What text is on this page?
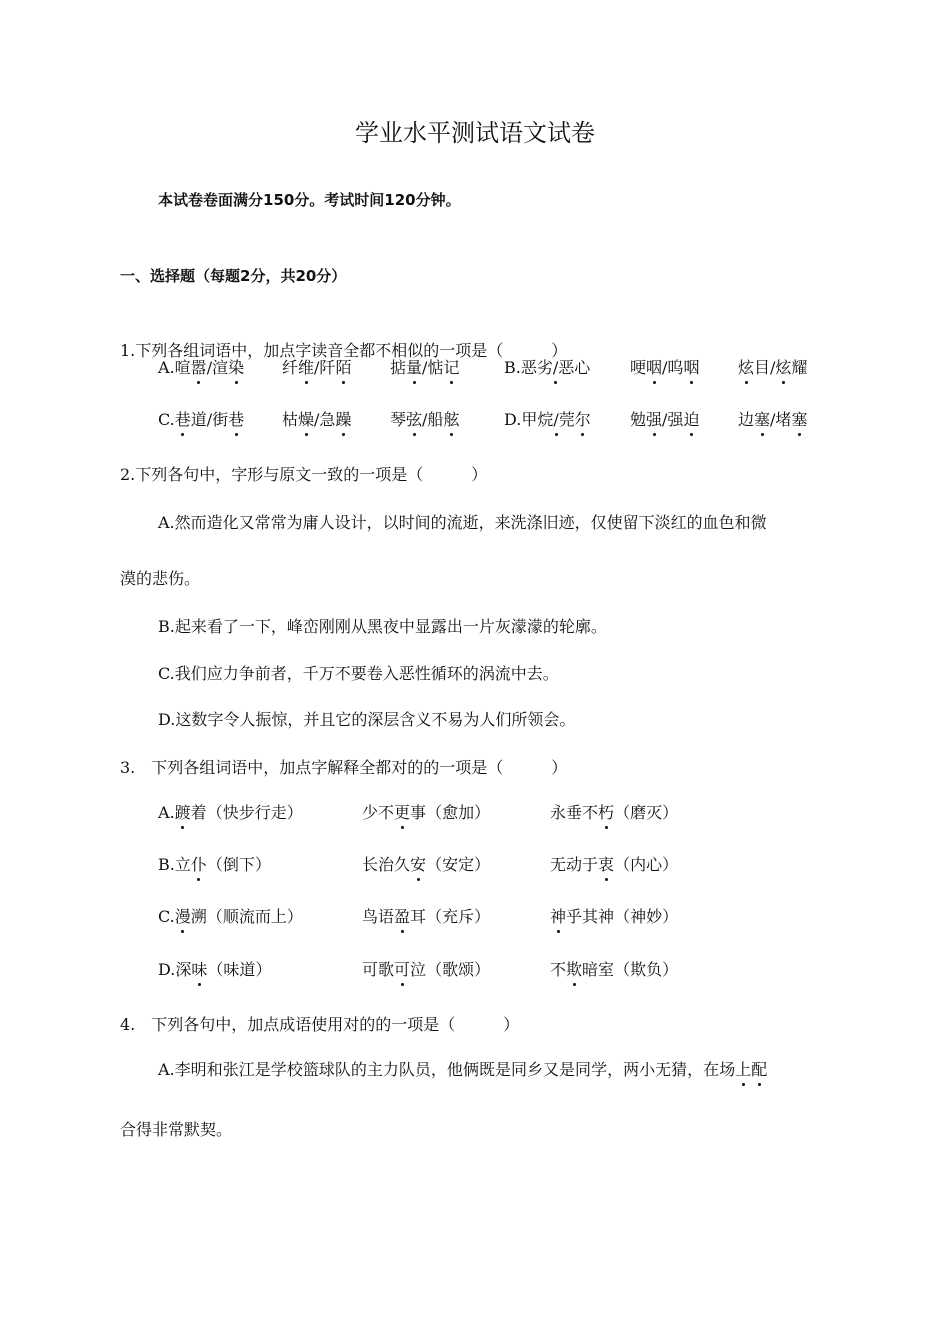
学业水平测试语文试卷
本试卷卷面满分150分。考试时间120分钟。
一、选择题（每题2分，共20分）
1.下列各组词语中，加点字读音全都不相似的一项是（　　　）
A.喧嚣/渲染 纤维/阡陌 掂量/惦记	B.恶劣/恶心 哽咽/呜咽 炫目/炫耀
C.巷道/街巷 枯燥/急躁 琴弦/船舷	D.甲烷/莞尔 勉强/强迫 边塞/堵塞
2.下列各句中，字形与原文一致的一项是（　　　）
A.然而造化又常常为庸人设计，以时间的流逝，来洗涤旧迹，仅使留下淡红的血色和微
漠的悲伤。
B.起来看了一下，峰峦刚刚从黑夜中显露出一片灰濛濛的轮廓。
C.我们应力争前者，千万不要卷入恶性循环的涡流中去。
D.这数字令人振惊，并且它的深层含义不易为人们所领会。
3.　下列各组词语中，加点字解释全都对的的一项是（　　　）
A.踱着（快步行走）	少不更事（愈加）	永垂不朽（磨灭）
B.立仆（倒下）	长治久安（安定）	无动于衷（内心）
C.漫溯（顺流而上）	鸟语盈耳（充斥）	神乎其神（神妙）
D.深味（味道）	可歌可泣（歌颂）	不欺暗室（欺负）
4.　下列各句中，加点成语使用对的的一项是（　　　）
A.李明和张江是学校篮球队的主力队员，他俩既是同乡又是同学，两小无猜，在场上配
合得非常默契。
